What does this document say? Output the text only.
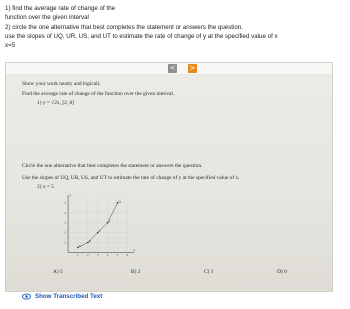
1) find the average rate of change of the
function over the given interval
2) circle the one alternative that best completes the statement or answers the question.
use the slopes of UQ, UR, US, and UT to estimate the rate of change of y at the specified value of x
x=5
< >
Show your work neatly and logicall.
Find the average rate of change of the function over the given interval.
1) y = √2x, [2, 8]
Circle the one alternative that best completes the statement or answers the question.
Use the slopes of UQ, UR, US, and UT to estimate the rate of change of y at the specified value of x.
2) x = 5
x
y
1
2
3
4
5
1 2 3 4 5 6
U
R
S
T
Q
A) 5	B) 2	C) 1	D) 0
Show Transcribed Text
